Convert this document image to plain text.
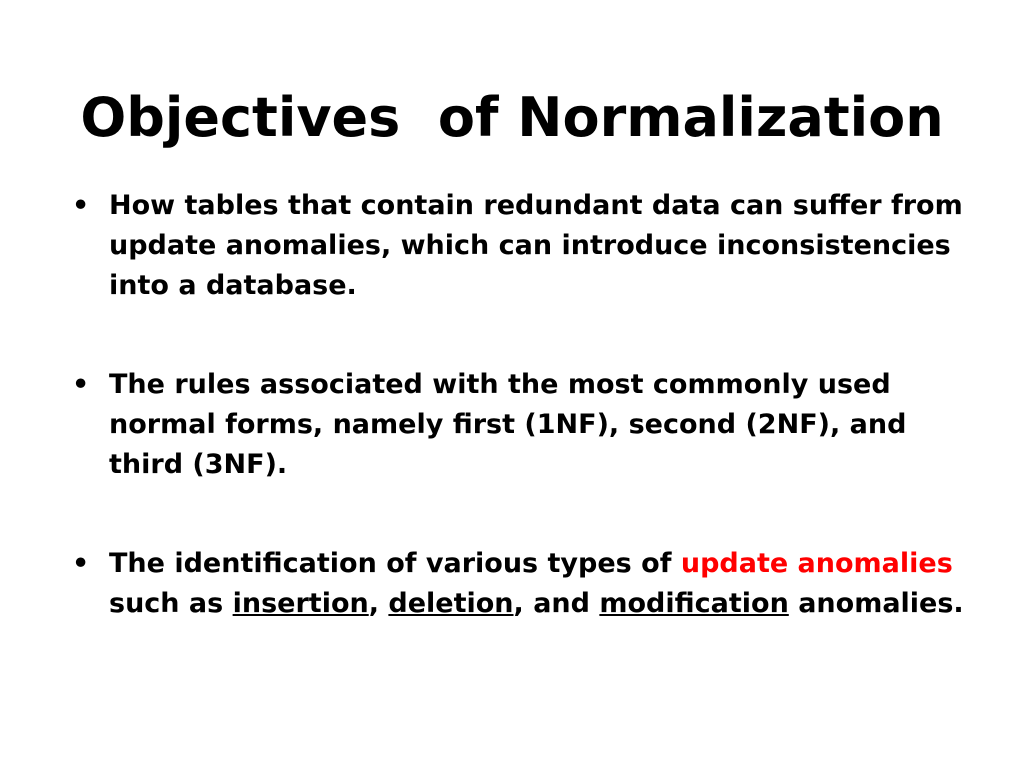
Objectives  of Normalization
• How tables that contain redundant data can suffer from update anomalies, which can introduce inconsistencies into a database.
• The rules associated with the most commonly used normal forms, namely first (1NF), second (2NF), and third (3NF).
• The identification of various types of update anomalies such as insertion, deletion, and modification anomalies.
